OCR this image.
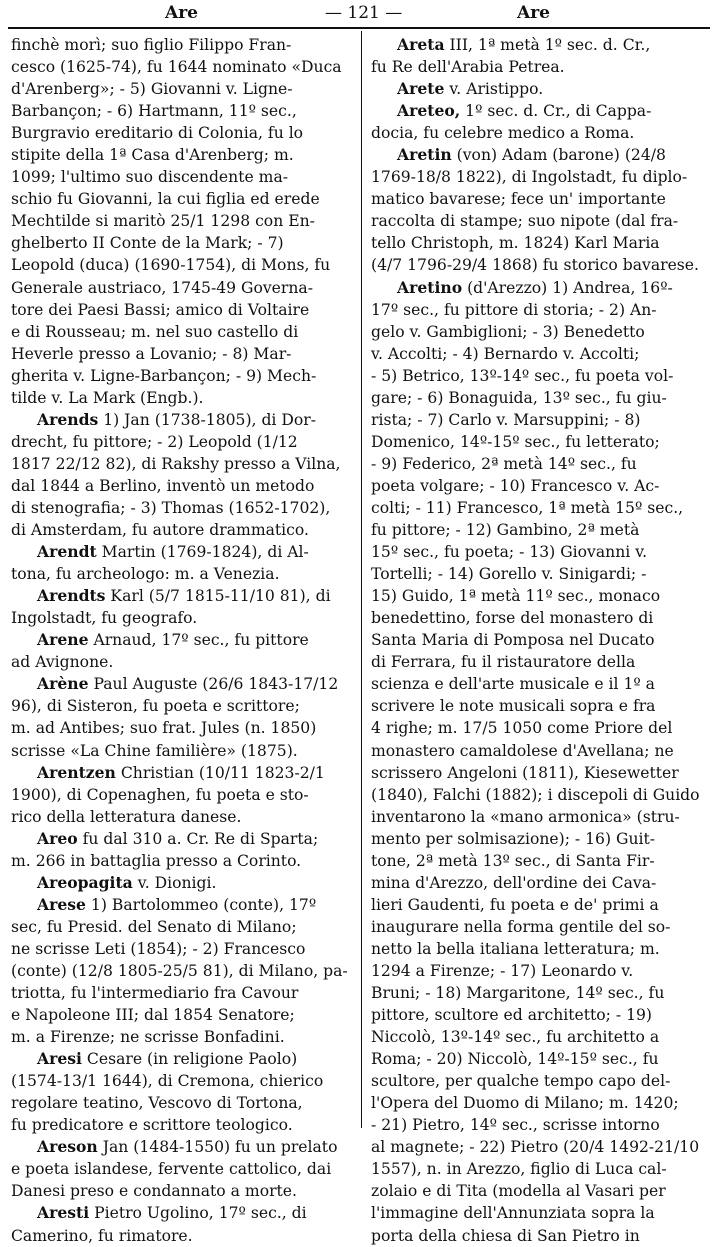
Are	— 121 —	Are
finchè morì; suo figlio Filippo Fran-
cesco (1625-74), fu 1644 nominato «Duca
d'Arenberg»; - 5) Giovanni v. Ligne-
Barbançon; - 6) Hartmann, 11º sec.,
Burgravio ereditario di Colonia, fu lo
stipite della 1ª Casa d'Arenberg; m.
1099; l'ultimo suo discendente ma-
schio fu Giovanni, la cui figlia ed erede
Mechtilde si maritò 25/1 1298 con En-
ghelberto II Conte de la Mark; - 7)
Leopold (duca) (1690-1754), di Mons, fu
Generale austriaco, 1745-49 Governa-
tore dei Paesi Bassi; amico di Voltaire
e di Rousseau; m. nel suo castello di
Heverle presso a Lovanio; - 8) Mar-
gherita v. Ligne-Barbançon; - 9) Mech-
tilde v. La Mark (Engb.).
Arends 1) Jan (1738-1805), di Dor-
drecht, fu pittore; - 2) Leopold (1/12
1817 22/12 82), di Rakshy presso a Vilna,
dal 1844 a Berlino, inventò un metodo
di stenografia; - 3) Thomas (1652-1702),
di Amsterdam, fu autore drammatico.
Arendt Martin (1769-1824), di Al-
tona, fu archeologo: m. a Venezia.
Arendts Karl (5/7 1815-11/10 81), di
Ingolstadt, fu geografo.
Arene Arnaud, 17º sec., fu pittore
ad Avignone.
Arène Paul Auguste (26/6 1843-17/12
96), di Sisteron, fu poeta e scrittore;
m. ad Antibes; suo frat. Jules (n. 1850)
scrisse «La Chine familière» (1875).
Arentzen Christian (10/11 1823-2/1
1900), di Copenaghen, fu poeta e sto-
rico della letteratura danese.
Areo fu dal 310 a. Cr. Re di Sparta;
m. 266 in battaglia presso a Corinto.
Areopagita v. Dionigi.
Arese 1) Bartolommeo (conte), 17º
sec, fu Presid. del Senato di Milano;
ne scrisse Leti (1854); - 2) Francesco
(conte) (12/8 1805-25/5 81), di Milano, pa-
triotta, fu l'intermediario fra Cavour
e Napoleone III; dal 1854 Senatore;
m. a Firenze; ne scrisse Bonfadini.
Aresi Cesare (in religione Paolo)
(1574-13/1 1644), di Cremona, chierico
regolare teatino, Vescovo di Tortona,
fu predicatore e scrittore teologico.
Areson Jan (1484-1550) fu un prelato
e poeta islandese, fervente cattolico, dai
Danesi preso e condannato a morte.
Aresti Pietro Ugolino, 17º sec., di
Camerino, fu rimatore.
Areta III, 1ª metà 1º sec. d. Cr.,
fu Re dell'Arabia Petrea.
Arete v. Aristippo.
Areteo, 1º sec. d. Cr., di Cappa-
docia, fu celebre medico a Roma.
Aretin (von) Adam (barone) (24/8
1769-18/8 1822), di Ingolstadt, fu diplo-
matico bavarese; fece un' importante
raccolta di stampe; suo nipote (dal fra-
tello Christoph, m. 1824) Karl Maria
(4/7 1796-29/4 1868) fu storico bavarese.
Aretino (d'Arezzo) 1) Andrea, 16º-
17º sec., fu pittore di storia; - 2) An-
gelo v. Gambiglioni; - 3) Benedetto
v. Accolti; - 4) Bernardo v. Accolti;
- 5) Betrico, 13º-14º sec., fu poeta vol-
gare; - 6) Bonaguida, 13º sec., fu giu-
rista; - 7) Carlo v. Marsuppini; - 8)
Domenico, 14º-15º sec., fu letterato;
- 9) Federico, 2ª metà 14º sec., fu
poeta volgare; - 10) Francesco v. Ac-
colti; - 11) Francesco, 1ª metà 15º sec.,
fu pittore; - 12) Gambino, 2ª metà
15º sec., fu poeta; - 13) Giovanni v.
Tortelli; - 14) Gorello v. Sinigardi; -
15) Guido, 1ª metà 11º sec., monaco
benedettino, forse del monastero di
Santa Maria di Pomposa nel Ducato
di Ferrara, fu il ristauratore della
scienza e dell'arte musicale e il 1º a
scrivere le note musicali sopra e fra
4 righe; m. 17/5 1050 come Priore del
monastero camaldolese d'Avellana; ne
scrissero Angeloni (1811), Kiesewetter
(1840), Falchi (1882); i discepoli di Guido
inventarono la «mano armonica» (stru-
mento per solmisazione); - 16) Guit-
tone, 2ª metà 13º sec., di Santa Fir-
mina d'Arezzo, dell'ordine dei Cava-
lieri Gaudenti, fu poeta e de' primi a
inaugurare nella forma gentile del so-
netto la bella italiana letteratura; m.
1294 a Firenze; - 17) Leonardo v.
Bruni; - 18) Margaritone, 14º sec., fu
pittore, scultore ed architetto; - 19)
Niccolò, 13º-14º sec., fu architetto a
Roma; - 20) Niccolò, 14º-15º sec., fu
scultore, per qualche tempo capo del-
l'Opera del Duomo di Milano; m. 1420;
- 21) Pietro, 14º sec., scrisse intorno
al magnete; - 22) Pietro (20/4 1492-21/10
1557), n. in Arezzo, figlio di Luca cal-
zolaio e di Tita (modella al Vasari per
l'immagine dell'Annunziata sopra la
porta della chiesa di San Pietro in
